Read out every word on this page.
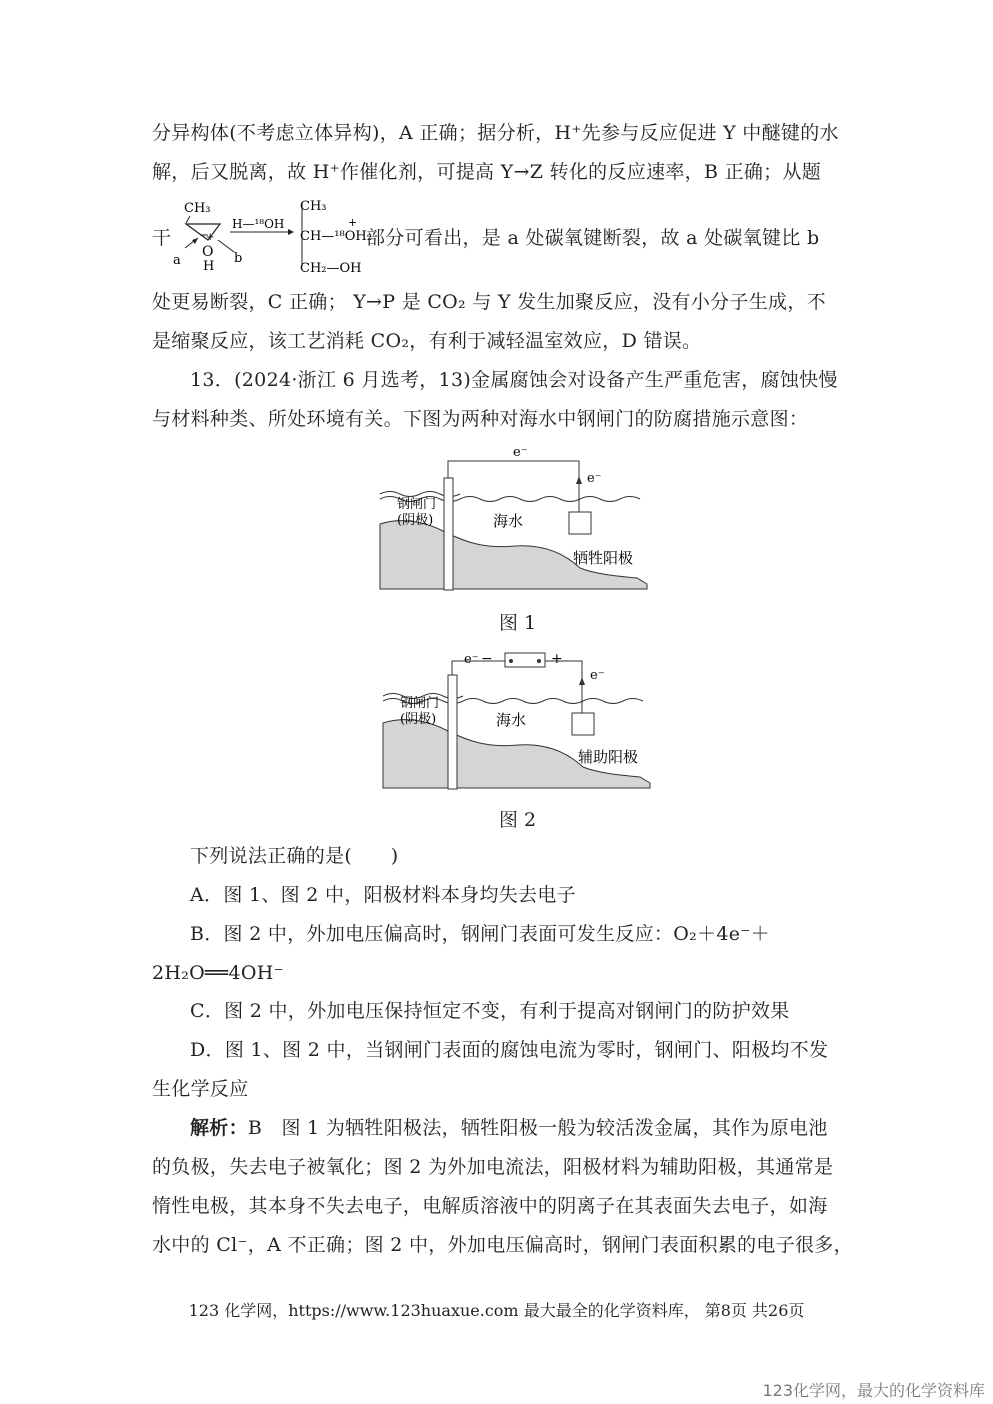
分异构体(不考虑立体异构)，A 正确；据分析，H⁺先参与反应促进 Y 中醚键的水
解，后又脱离，故 H⁺作催化剂，可提高 Y→Z 转化的反应速率，B 正确；从题
干
CH₃
+
O
H
a	b
H—¹⁸OH
CH₃
CH—¹⁸OH₂
+
CH₂—OH
部分可看出，是 a 处碳氧键断裂，故 a 处碳氧键比 b
处更易断裂，C 正确； Y→P 是 CO₂ 与 Y 发生加聚反应，没有小分子生成，不
是缩聚反应，该工艺消耗 CO₂，有利于减轻温室效应，D 错误。
13．(2024·浙江 6 月选考，13)金属腐蚀会对设备产生严重危害，腐蚀快慢
与材料种类、所处环境有关。下图为两种对海水中钢闸门的防腐措施示意图：
e⁻
e⁻
钢闸门
(阴极)	海水
牺牲阳极
图 1
e⁻ −	+
e⁻
钢闸门
(阴极)	海水
辅助阳极
图 2
下列说法正确的是(　　)
A．图 1、图 2 中，阳极材料本身均失去电子
B．图 2 中，外加电压偏高时，钢闸门表面可发生反应：O₂＋4e⁻＋
2H₂O══4OH⁻
C．图 2 中，外加电压保持恒定不变，有利于提高对钢闸门的防护效果
D．图 1、图 2 中，当钢闸门表面的腐蚀电流为零时，钢闸门、阳极均不发
生化学反应
解析：B　图 1 为牺牲阳极法，牺牲阳极一般为较活泼金属，其作为原电池
的负极，失去电子被氧化；图 2 为外加电流法，阳极材料为辅助阳极，其通常是
惰性电极，其本身不失去电子，电解质溶液中的阴离子在其表面失去电子，如海
水中的 Cl⁻，A 不正确；图 2 中，外加电压偏高时，钢闸门表面积累的电子很多，
123 化学网，https://www.123huaxue.com 最大最全的化学资料库， 第8页 共26页
123化学网，最大的化学资料库
